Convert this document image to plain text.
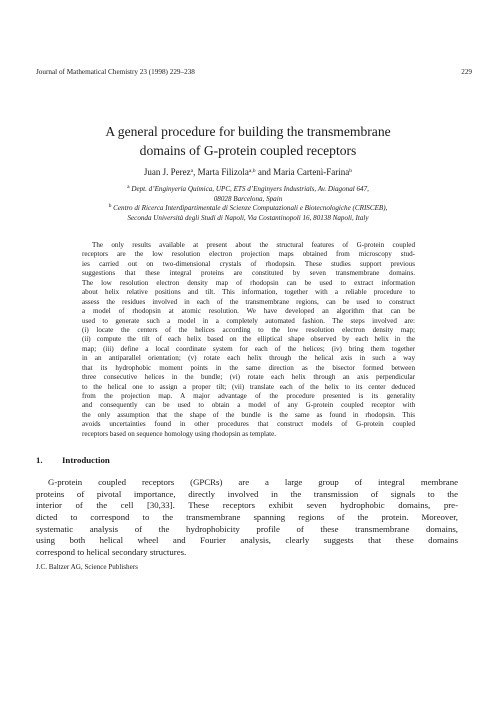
Journal of Mathematical Chemistry 23 (1998) 229–238	229
A general procedure for building the transmembrane
domains of G-protein coupled receptors
Juan J. Perez$^a$, Marta Filizola$^{a,b}$ and Maria Cartenì-Farina$^b$
$^a$ Dept. d’Enginyeria Química, UPC, ETS d’Enginyers Industrials, Av. Diagonal 647,
08028 Barcelona, Spain
$^b$ Centro di Ricerca Interdipartimentale di Scienze Computazionali e Biotecnologiche (CRISCEB),
Seconda Università degli Studi di Napoli, Via Costantinopoli 16, 80138 Napoli, Italy
The only results available at present about the structural features of G-protein coupled
receptors are the low resolution electron projection maps obtained from microscopy stud-
ies carried out on two-dimensional crystals of rhodopsin. These studies support previous
suggestions that these integral proteins are constituted by seven transmembrane domains.
The low resolution electron density map of rhodopsin can be used to extract information
about helix relative positions and tilt. This information, together with a reliable procedure to
assess the residues involved in each of the transmembrane regions, can be used to construct
a model of rhodopsin at atomic resolution. We have developed an algorithm that can be
used to generate such a model in a completely automated fashion. The steps involved are:
(i) locate the centers of the helices according to the low resolution electron density map;
(ii) compute the tilt of each helix based on the elliptical shape observed by each helix in the
map; (iii) define a local coordinate system for each of the helices; (iv) bring them together
in an antiparallel orientation; (v) rotate each helix through the helical axis in such a way
that its hydrophobic moment points in the same direction as the bisector formed between
three consecutive helices in the bundle; (vi) rotate each helix through an axis perpendicular
to the helical one to assign a proper tilt; (vii) translate each of the helix to its center deduced
from the projection map. A major advantage of the procedure presented is its generality
and consequently can be used to obtain a model of any G-protein coupled receptor with
the only assumption that the shape of the bundle is the same as found in rhodopsin. This
avoids uncertainties found in other procedures that construct models of G-protein coupled
receptors based on sequence homology using rhodopsin as template.
1. Introduction
G-protein coupled receptors (GPCRs) are a large group of integral membrane
proteins of pivotal importance, directly involved in the transmission of signals to the
interior of the cell [30,33]. These receptors exhibit seven hydrophobic domains, pre-
dicted to correspond to the transmembrane spanning regions of the protein. Moreover,
systematic analysis of the hydrophobicity profile of these transmembrane domains,
using both helical wheel and Fourier analysis, clearly suggests that these domains
correspond to helical secondary structures.
J.C. Baltzer AG, Science Publishers
